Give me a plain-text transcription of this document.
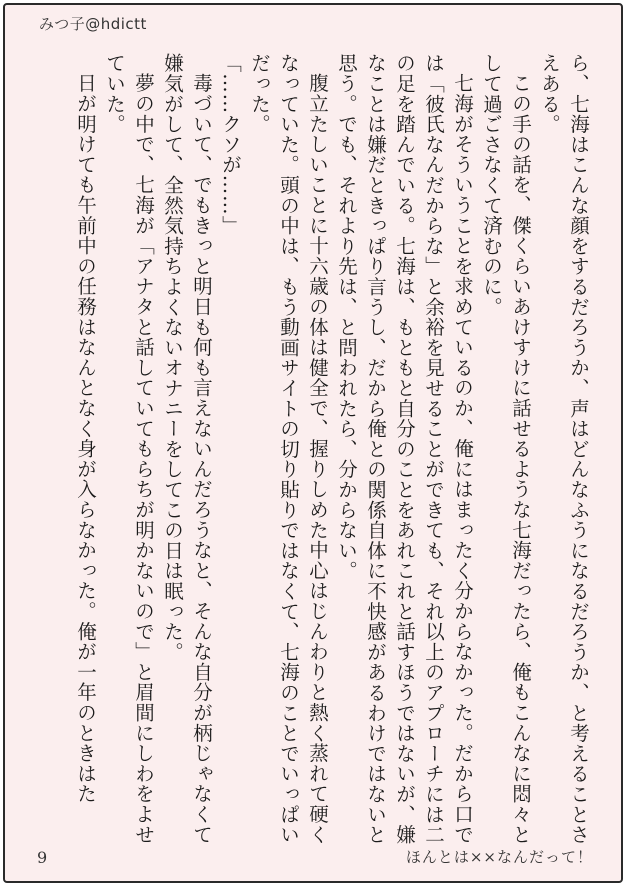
みつ子@hdictt

ら、七海はこんな顔をするだろうか、声はどんなふうになるだろうか、と考えることさえある。

この手の話を、傑くらいあけすけに話せるような七海だったら、俺もこんなに悶々として過ごさなくて済むのに。

七海がそういうことを求めているのか、俺にはまったく分からなかった。だから口では「彼氏なんだからな」と余裕を見せることができても、それ以上のアプローチには二の足を踏んでいる。七海は、もともと自分のことをあれこれと話すほうではないが、嫌なことは嫌だときっぱり言うし、だから俺との関係自体に不快感があるわけではないと思う。でも、それより先は、と問われたら、分からない。

腹立たしいことに十六歳の体は健全で、握りしめた中心はじんわりと熱く蒸れて硬くなっていた。頭の中は、もう動画サイトの切り貼りではなくて、七海のことでいっぱいだった。

「……クソが……」

毒づいて、でもきっと明日も何も言えないんだろうなと、そんな自分が柄じゃなくて嫌気がして、全然気持ちよくないオナニーをしてこの日は眠った。

夢の中で、七海が「アナタと話していてもらちが明かないので」と眉間にしわをよせていた。

日が明けても午前中の任務はなんとなく身が入らなかった。俺が一年のときはた

9	ほんとは××なんだって！
